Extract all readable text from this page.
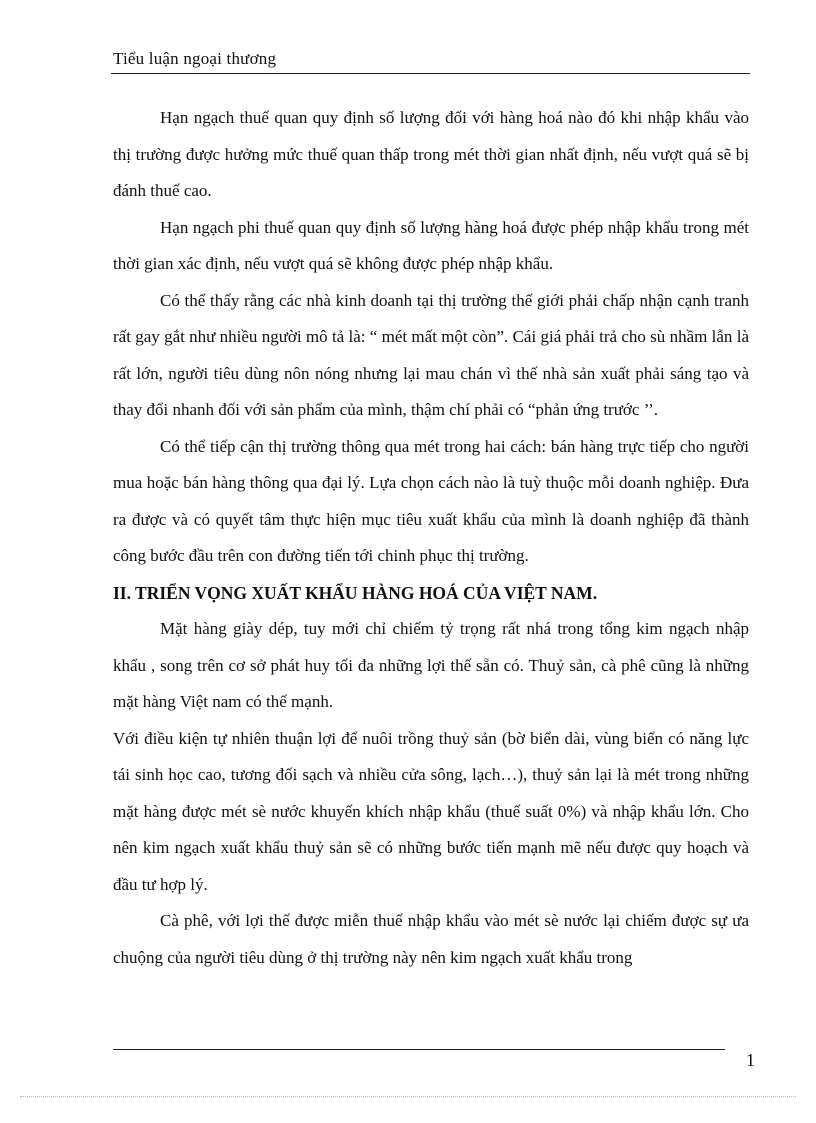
Tiểu luận ngoại thương

Hạn ngạch thuế quan quy định số lượng đối với hàng hoá nào đó khi nhập khẩu vào thị trường được hưởng mức thuế quan thấp trong mét thời gian nhất định, nếu vượt quá sẽ bị đánh thuế cao.

Hạn ngạch phi thuế quan quy định số lượng hàng hoá được phép nhập khẩu trong mét thời gian xác định, nếu vượt quá sẽ không được phép nhập khẩu.

Có thể thấy rằng các nhà kinh doanh tại thị trường thế giới phải chấp nhận cạnh tranh rất gay gắt như nhiều người mô tả là: “ mét mất một còn”. Cái giá phải trả cho sù nhầm lẫn là rất lớn, người tiêu dùng nôn nóng nhưng lại mau chán vì thế nhà sản xuất phải sáng tạo và thay đổi nhanh đối với sản phẩm của mình, thậm chí phải có “phản ứng trước ’’.

Có thể tiếp cận thị trường thông qua mét trong hai cách: bán hàng trực tiếp cho người mua hoặc bán hàng thông qua đại lý. Lựa chọn cách nào là tuỳ thuộc mỗi doanh nghiệp. Đưa ra được và có quyết tâm thực hiện mục tiêu xuất khẩu của mình là doanh nghiệp đã thành công bước đầu trên con đường tiến tới chinh phục thị trường.

II. TRIỂN VỌNG XUẤT KHẨU HÀNG HOÁ CỦA VIỆT NAM.

Mặt hàng giày dép, tuy mới chỉ chiếm tỷ trọng rất nhá trong tổng kim ngạch nhập khẩu , song trên cơ sở phát huy tối đa những lợi thế sẵn có. Thuỷ sản, cà phê cũng là những mặt hàng Việt nam có thế mạnh.

Với điều kiện tự nhiên thuận lợi để nuôi trồng thuỷ sản (bờ biển dài, vùng biển có năng lực tái sinh học cao, tương đối sạch và nhiều cửa sông, lạch…), thuỷ sản lại là mét trong những mặt hàng được mét sè nước khuyến khích nhập khẩu (thuế suất 0%) và nhập khẩu lớn. Cho nên kim ngạch xuất khẩu thuỷ sản sẽ có những bước tiến mạnh mẽ nếu được quy hoạch và đầu tư hợp lý.

Cà phê, với lợi thế được miễn thuế nhập khẩu vào mét sè nước lại chiếm được sự ưa chuộng của người tiêu dùng ở thị trường này nên kim ngạch xuất khẩu trong

1
